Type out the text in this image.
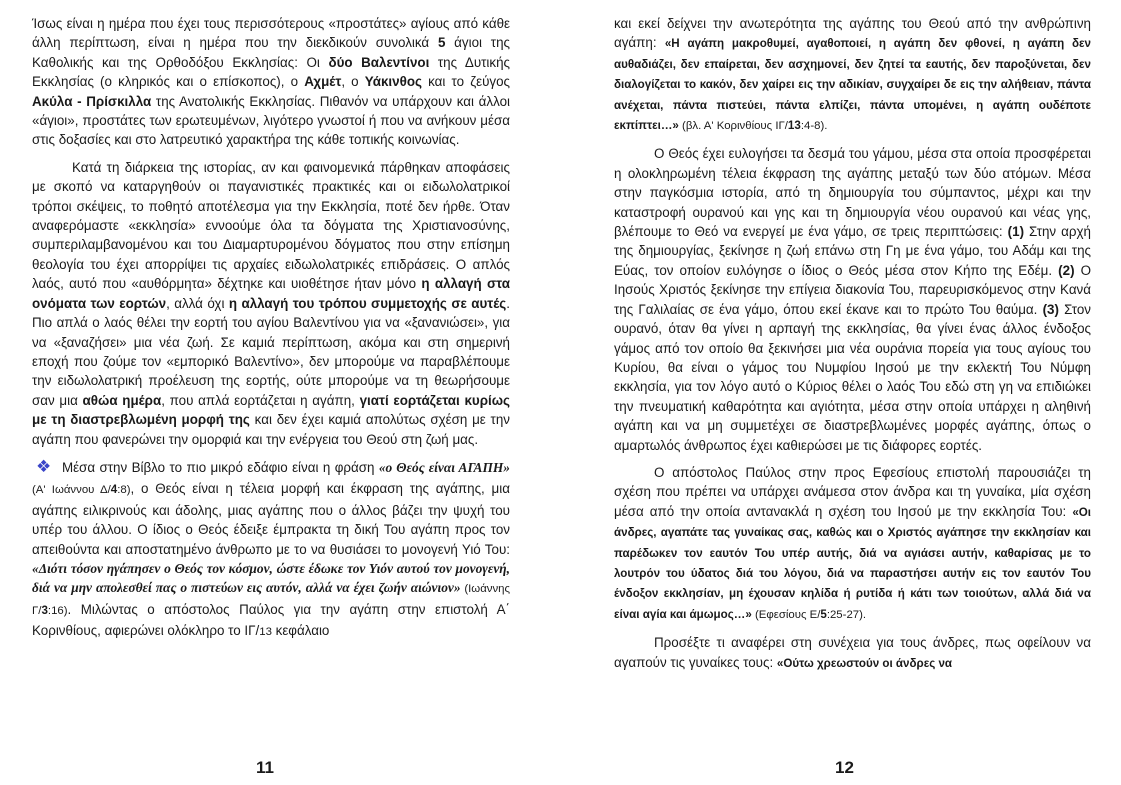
Ίσως είναι η ημέρα που έχει τους περισσότερους «προστάτες» αγίους από κάθε άλλη περίπτωση, είναι η ημέρα που την διεκδικούν συνολικά 5 άγιοι της Καθολικής και της Ορθοδόξου Εκκλησίας: Οι δύο Βαλεντίνοι της Δυτικής Εκκλησίας (ο κληρικός και ο επίσκοπος), ο Αχμέτ, ο Υάκινθος και το ζεύγος Ακύλα - Πρίσκιλλα της Ανατολικής Εκκλησίας. Πιθανόν να υπάρχουν και άλλοι «άγιοι», προστάτες των ερωτευμένων, λιγότερο γνωστοί ή που να ανήκουν μέσα στις δοξασίες και στο λατρευτικό χαρακτήρα της κάθε τοπικής κοινωνίας.

Κατά τη διάρκεια της ιστορίας, αν και φαινομενικά πάρθηκαν αποφάσεις με σκοπό να καταργηθούν οι παγανιστικές πρακτικές και οι ειδωλολατρικοί τρόποι σκέψεις, το ποθητό αποτέλεσμα για την Εκκλησία, ποτέ δεν ήρθε. Όταν αναφερόμαστε «εκκλησία» εννοούμε όλα τα δόγματα της Χριστιανοσύνης, συμπεριλαμβανομένου και του Διαμαρτυρομένου δόγματος που στην επίσημη θεολογία του έχει απορρίψει τις αρχαίες ειδωλολατρικές επιδράσεις. Ο απλός λαός, αυτό που «αυθόρμητα» δέχτηκε και υιοθέτησε ήταν μόνο η αλλαγή στα ονόματα των εορτών, αλλά όχι η αλλαγή του τρόπου συμμετοχής σε αυτές. Πιο απλά ο λαός θέλει την εορτή του αγίου Βαλεντίνου για να «ξανανιώσει», για να «ξαναζήσει» μια νέα ζωή. Σε καμιά περίπτωση, ακόμα και στη σημερινή εποχή που ζούμε τον «εμπορικό Βαλεντίνο», δεν μπορούμε να παραβλέπουμε την ειδωλολατρική προέλευση της εορτής, ούτε μπορούμε να τη θεωρήσουμε σαν μια αθώα ημέρα, που απλά εορτάζεται η αγάπη, γιατί εορτάζεται κυρίως με τη διαστρεβλωμένη μορφή της και δεν έχει καμιά απολύτως σχέση με την αγάπη που φανερώνει την ομορφιά και την ενέργεια του Θεού στη ζωή μας.

❖ Μέσα στην Βίβλο το πιο μικρό εδάφιο είναι η φράση «ο Θεός είναι ΑΓΑΠΗ» (Α' Ιωάννου Δ/4:8), ο Θεός είναι η τέλεια μορφή και έκφραση της αγάπης, μια αγάπης ειλικρινούς και άδολης, μιας αγάπης που ο άλλος βάζει την ψυχή του υπέρ του άλλου. Ο ίδιος ο Θεός έδειξε έμπρακτα τη δική Του αγάπη προς τον απειθούντα και αποστατημένο άνθρωπο με το να θυσιάσει το μονογενή Υιό Του: «Διότι τόσον ηγάπησεν ο Θεός τον κόσμον, ώστε έδωκε τον Υιόν αυτού τον μονογενή, διά να μην απολεσθεί πας ο πιστεύων εις αυτόν, αλλά να έχει ζωήν αιώνιον» (Ιωάννης Γ/3:16). Μιλώντας ο απόστολος Παύλος για την αγάπη στην επιστολή Α΄ Κορινθίους, αφιερώνει ολόκληρο το ΙΓ/13 κεφάλαιο

και εκεί δείχνει την ανωτερότητα της αγάπης του Θεού από την ανθρώπινη αγάπη: «Η αγάπη μακροθυμεί, αγαθοποιεί, η αγάπη δεν φθονεί, η αγάπη δεν αυθαδιάζει, δεν επαίρεται, δεν ασχημονεί, δεν ζητεί τα εαυτής, δεν παροξύνεται, δεν διαλογίζεται το κακόν, δεν χαίρει εις την αδικίαν, συγχαίρει δε εις την αλήθειαν, πάντα ανέχεται, πάντα πιστεύει, πάντα ελπίζει, πάντα υπομένει, η αγάπη ουδέποτε εκπίπτει…» (βλ. Α' Κορινθίους ΙΓ/13:4-8).

Ο Θεός έχει ευλογήσει τα δεσμά του γάμου, μέσα στα οποία προσφέρεται η ολοκληρωμένη τέλεια έκφραση της αγάπης μεταξύ των δύο ατόμων. Μέσα στην παγκόσμια ιστορία, από τη δημιουργία του σύμπαντος, μέχρι και την καταστροφή ουρανού και γης και τη δημιουργία νέου ουρανού και νέας γης, βλέπουμε το Θεό να ενεργεί με ένα γάμο, σε τρεις περιπτώσεις: (1) Στην αρχή της δημιουργίας, ξεκίνησε η ζωή επάνω στη Γη με ένα γάμο, του Αδάμ και της Εύας, τον οποίον ευλόγησε ο ίδιος ο Θεός μέσα στον Κήπο της Εδέμ. (2) Ο Ιησούς Χριστός ξεκίνησε την επίγεια διακονία Του, παρευρισκόμενος στην Κανά της Γαλιλαίας σε ένα γάμο, όπου εκεί έκανε και το πρώτο Του θαύμα. (3) Στον ουρανό, όταν θα γίνει η αρπαγή της εκκλησίας, θα γίνει ένας άλλος ένδοξος γάμος από τον οποίο θα ξεκινήσει μια νέα ουράνια πορεία για τους αγίους του Κυρίου, θα είναι ο γάμος του Νυμφίου Ιησού με την εκλεκτή Του Νύμφη εκκλησία, για τον λόγο αυτό ο Κύριος θέλει ο λαός Του εδώ στη γη να επιδιώκει την πνευματική καθαρότητα και αγιότητα, μέσα στην οποία υπάρχει η αληθινή αγάπη και να μη συμμετέχει σε διαστρεβλωμένες μορφές αγάπης, όπως ο αμαρτωλός άνθρωπος έχει καθιερώσει με τις διάφορες εορτές.

Ο απόστολος Παύλος στην προς Εφεσίους επιστολή παρουσιάζει τη σχέση που πρέπει να υπάρχει ανάμεσα στον άνδρα και τη γυναίκα, μία σχέση μέσα από την οποία αντανακλά η σχέση του Ιησού με την εκκλησία Του: «Οι άνδρες, αγαπάτε τας γυναίκας σας, καθώς και ο Χριστός αγάπησε την εκκλησίαν και παρέδωκεν τον εαυτόν Του υπέρ αυτής, διά να αγιάσει αυτήν, καθαρίσας με το λουτρόν του ύδατος διά του λόγου, διά να παραστήσει αυτήν εις τον εαυτόν Του ένδοξον εκκλησίαν, μη έχουσαν κηλίδα ή ρυτίδα ή κάτι των τοιούτων, αλλά διά να είναι αγία και άμωμος…» (Εφεσίους Ε/5:25-27).

Προσέξτε τι αναφέρει στη συνέχεια για τους άνδρες, πως οφείλουν να αγαπούν τις γυναίκες τους: «Ούτω χρεωστούν οι άνδρες να

11	12
